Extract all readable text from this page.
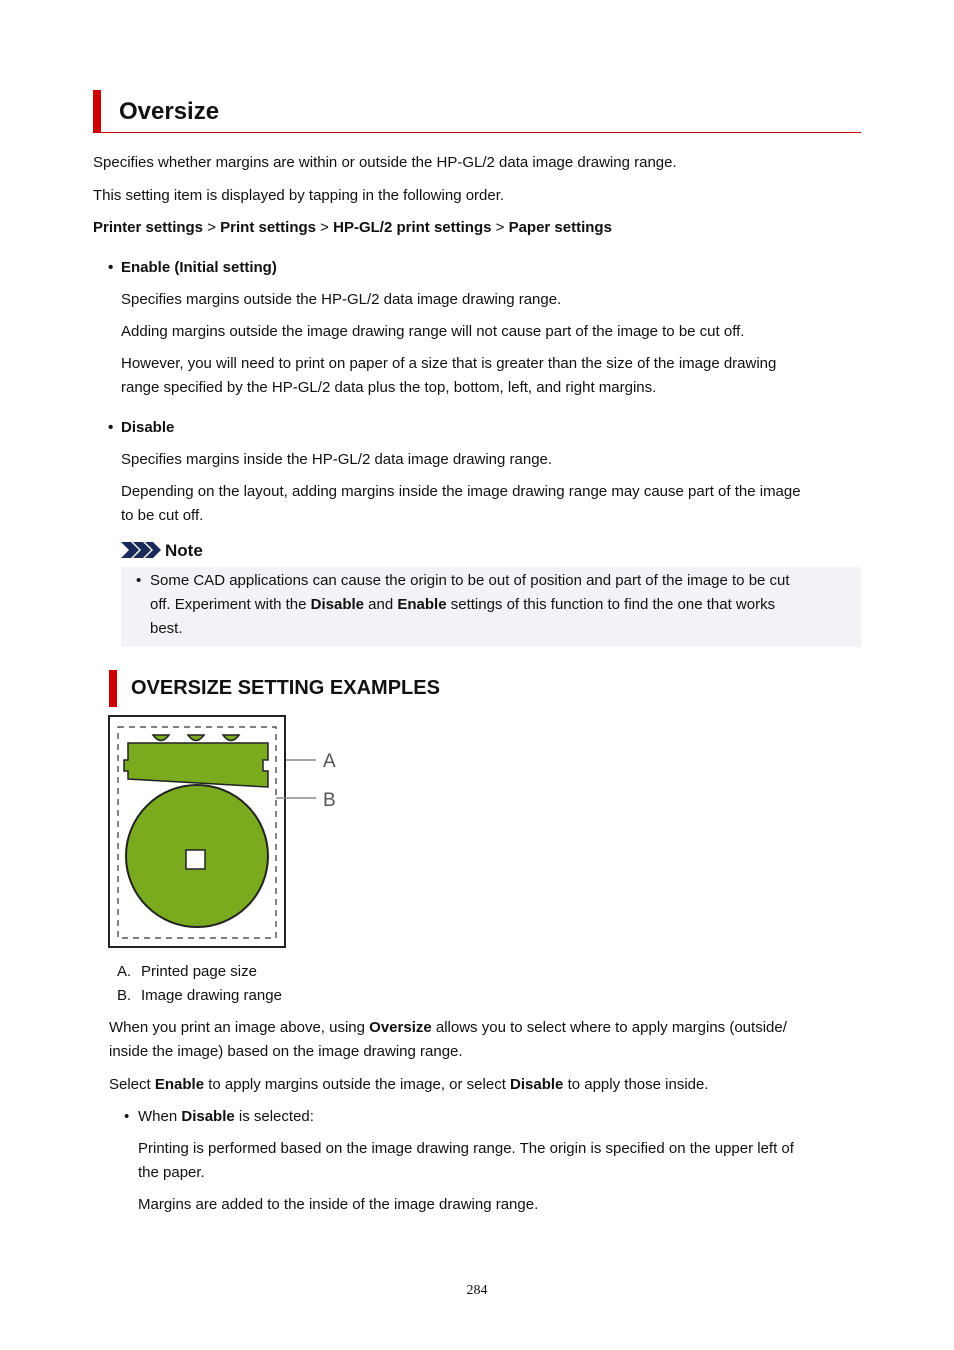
Oversize

Specifies whether margins are within or outside the HP-GL/2 data image drawing range.

This setting item is displayed by tapping in the following order.

Printer settings > Print settings > HP-GL/2 print settings > Paper settings

• Enable (Initial setting)

Specifies margins outside the HP-GL/2 data image drawing range.

Adding margins outside the image drawing range will not cause part of the image to be cut off.

However, you will need to print on paper of a size that is greater than the size of the image drawing

range specified by the HP-GL/2 data plus the top, bottom, left, and right margins.

• Disable

Specifies margins inside the HP-GL/2 data image drawing range.

Depending on the layout, adding margins inside the image drawing range may cause part of the image

to be cut off.

Note
• Some CAD applications can cause the origin to be out of position and part of the image to be cut

off. Experiment with the Disable and Enable settings of this function to find the one that works

best.

OVERSIZE SETTING EXAMPLES
A
B

A. Printed page size

B. Image drawing range

When you print an image above, using Oversize allows you to select where to apply margins (outside/

inside the image) based on the image drawing range.

Select Enable to apply margins outside the image, or select Disable to apply those inside.

• When Disable is selected:

Printing is performed based on the image drawing range. The origin is specified on the upper left of

the paper.

Margins are added to the inside of the image drawing range.

284
